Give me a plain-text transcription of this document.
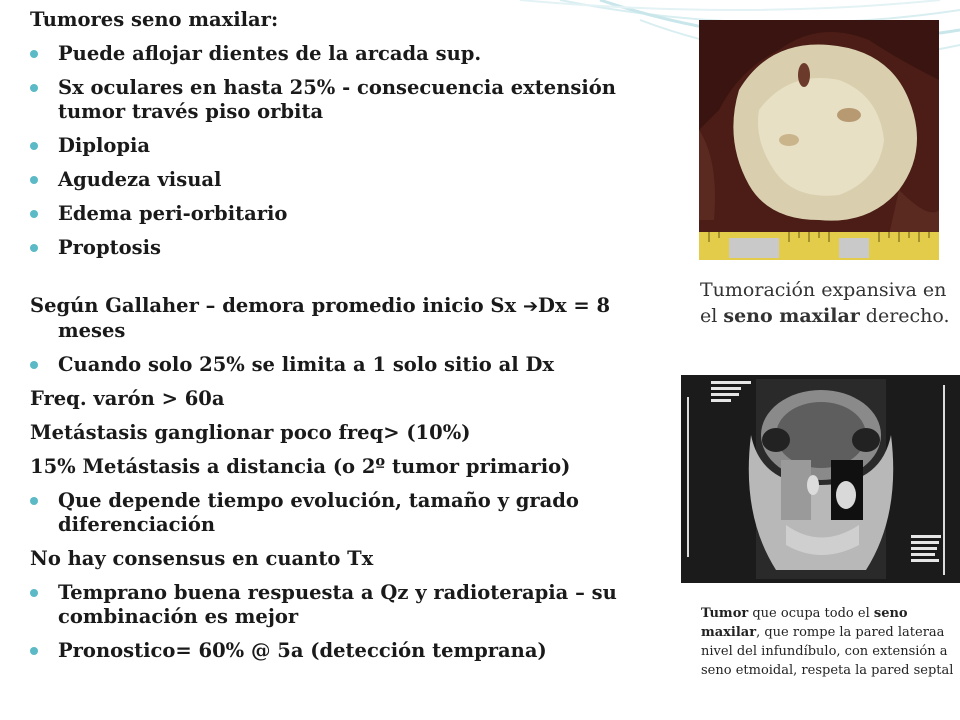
Tumores seno maxilar:

Puede aflojar dientes de la arcada sup.

Sx oculares en hasta 25% - consecuencia extensión

tumor través piso orbita

Diplopia

Agudeza visual

Edema peri-orbitario

Proptosis

Según Gallaher – demora promedio inicio Sx ➔Dx = 8

meses

Cuando solo 25% se limita a 1 solo sitio al Dx

Freq. varón > 60a

Metástasis ganglionar poco freq> (10%)

15% Metástasis a distancia (o 2º tumor primario)

Que depende tiempo evolución, tamaño y grado

diferenciación

No hay consensus en cuanto Tx

Temprano buena respuesta a Qz y radioterapia – su

combinación es mejor

Pronostico= 60% @ 5a (detección temprana)

Tumoración expansiva en el seno maxilar derecho.
Tumor que ocupa todo el seno maxilar, que rompe la pared lateraa nivel del infundíbulo, con extensión a seno etmoidal, respeta la pared septal
